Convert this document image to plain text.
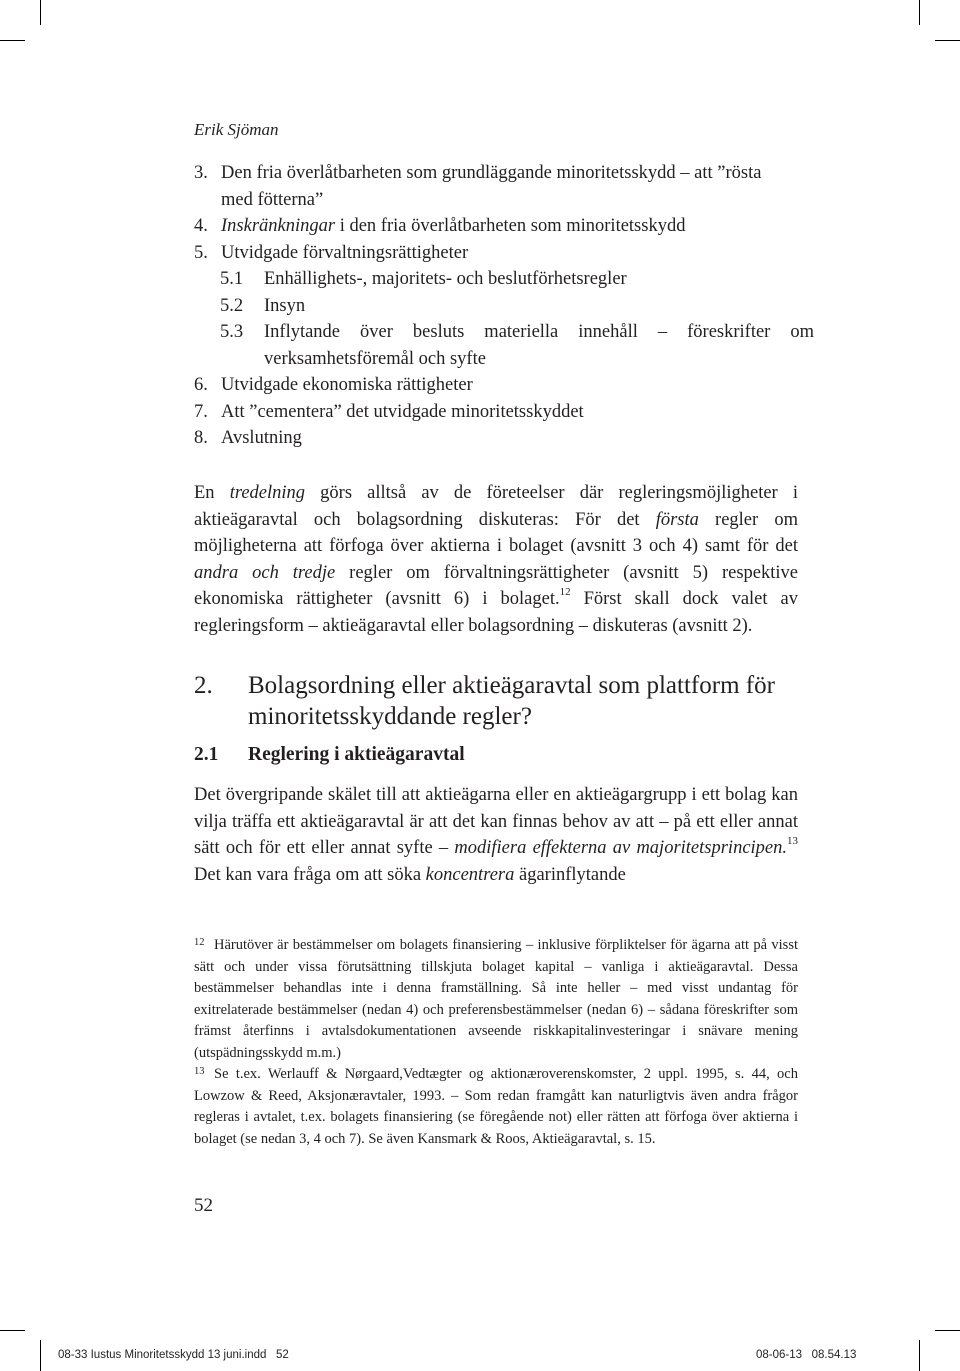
Erik Sjöman
3. Den fria överlåtbarheten som grundläggande minoritetsskydd – att ”rösta
med fötterna”
4. Inskränkningar i den fria överlåtbarheten som minoritetsskydd
5. Utvidgade förvaltningsrättigheter
5.1 Enhällighets-, majoritets- och beslutförhetsregler
5.2 Insyn
5.3 Inflytande över besluts materiella innehåll – föreskrifter om verksamhetsföremål och syfte
6. Utvidgade ekonomiska rättigheter
7. Att ”cementera” det utvidgade minoritetsskyddet
8. Avslutning

En tredelning görs alltså av de företeelser där regleringsmöjligheter i aktieägaravtal och bolagsordning diskuteras: För det första regler om möjligheterna att förfoga över aktierna i bolaget (avsnitt 3 och 4) samt för det andra och tredje regler om förvaltningsrättigheter (avsnitt 5) respektive ekonomiska rättigheter (avsnitt 6) i bolaget.$^{12}$ Först skall dock valet av regleringsform – aktieägaravtal eller bolagsordning – diskuteras (avsnitt 2).

2.	Bolagsordning eller aktieägaravtal som plattform för minoritetsskyddande regler?
2.1 Reglering i aktieägaravtal

Det övergripande skälet till att aktieägarna eller en aktieägargrupp i ett bolag kan vilja träffa ett aktieägaravtal är att det kan finnas behov av att – på ett eller annat sätt och för ett eller annat syfte – modifiera effekterna av majoritetsprincipen.$^{13}$ Det kan vara fråga om att söka koncentrera ägarinflytande

12 Härutöver är bestämmelser om bolagets finansiering – inklusive förpliktelser för ägarna att på visst sätt och under vissa förutsättning tillskjuta bolaget kapital – vanliga i aktieägaravtal. Dessa bestämmelser behandlas inte i denna framställning. Så inte heller – med visst undantag för exitrelaterade bestämmelser (nedan 4) och preferensbestämmelser (nedan 6) – sådana föreskrifter som främst återfinns i avtalsdokumentationen avseende riskkapitalinvesteringar i snävare mening (utspädningsskydd m.m.)

13 Se t.ex. Werlauff & Nørgaard,Vedtægter og aktionæroverenskomster, 2 uppl. 1995, s. 44, och Lowzow & Reed, Aksjonæravtaler, 1993. – Som redan framgått kan naturligtvis även andra frågor regleras i avtalet, t.ex. bolagets finansiering (se föregående not) eller rätten att förfoga över aktierna i bolaget (se nedan 3, 4 och 7). Se även Kansmark & Roos, Aktieägaravtal, s. 15.

52
08-33 Iustus Minoritetsskydd 13 juni.indd   52	08-06-13   08.54.13
